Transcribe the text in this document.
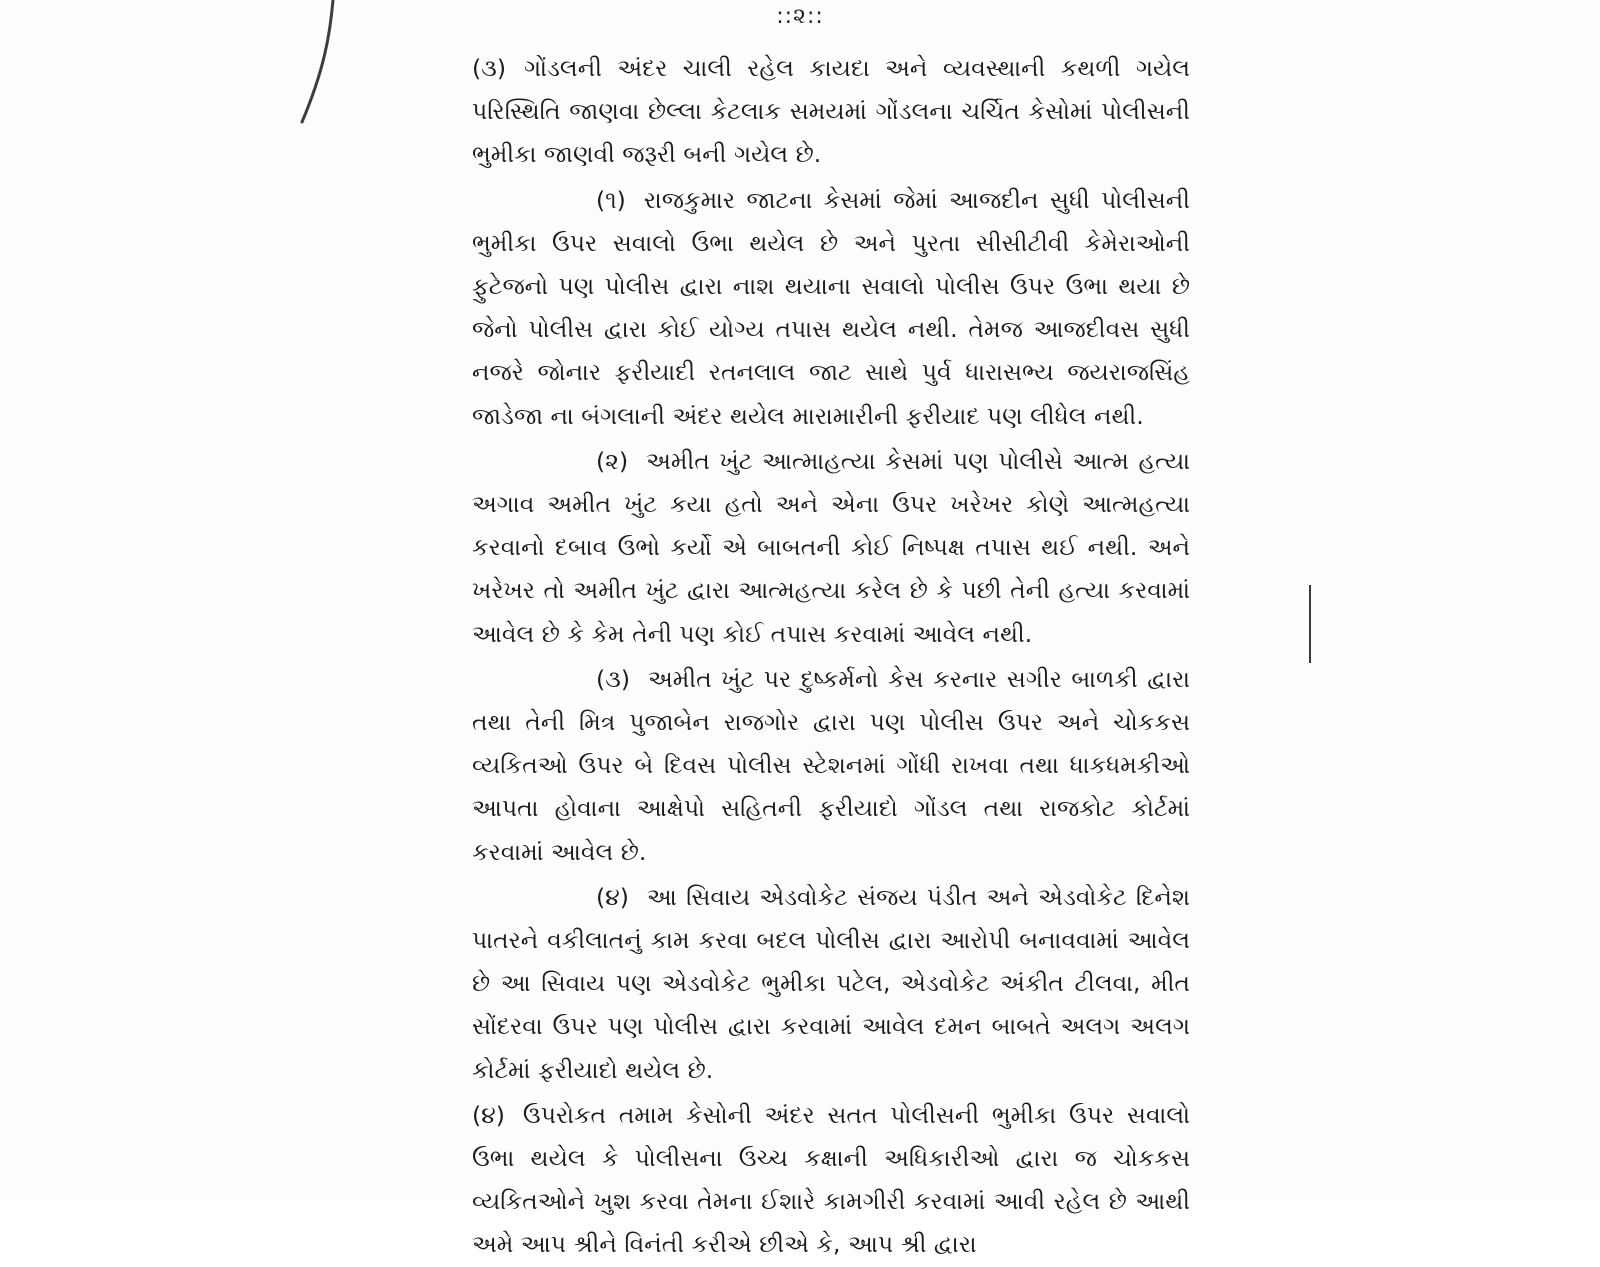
::૨::

(૩) ગોંડલની અંદર ચાલી રહેલ કાયદા અને વ્યવસ્થાની કથળી ગયેલ પરિસ્થિતિ જાણવા છેલ્લા કેટલાક સમયમાં ગોંડલના ચર્ચિત કેસોમાં પોલીસની ભુમીકા જાણવી જરૂરી બની ગયેલ છે.

(૧) રાજકુમાર જાટના કેસમાં જેમાં આજદીન સુધી પોલીસની ભુમીકા ઉપર સવાલો ઉભા થયેલ છે અને પુરતા સીસીટીવી કેમેરાઓની ફુટેજનો પણ પોલીસ દ્વારા નાશ થયાના સવાલો પોલીસ ઉપર ઉભા થયા છે જેનો પોલીસ દ્વારા કોઈ યોગ્ય તપાસ થયેલ નથી. તેમજ આજદીવસ સુધી નજરે જોનાર ફરીયાદી રતનલાલ જાટ સાથે પુર્વ ધારાસભ્ય જયરાજસિંહ જાડેજા ના બંગલાની અંદર થયેલ મારામારીની ફરીયાદ પણ લીધેલ નથી.

(૨) અમીત ખુંટ આત્માહત્યા કેસમાં પણ પોલીસે આત્મ હત્યા અગાવ અમીત ખુંટ કયા હતો અને એના ઉપર ખરેખર કોણે આત્મહત્યા કરવાનો દબાવ ઉભો કર્યો એ બાબતની કોઈ નિષ્પક્ષ તપાસ થઈ નથી. અને ખરેખર તો અમીત ખુંટ દ્વારા આત્મહત્યા કરેલ છે કે પછી તેની હત્યા કરવામાં આવેલ છે કે કેમ તેની પણ કોઈ તપાસ કરવામાં આવેલ નથી.

(૩) અમીત ખુંટ પર દુષ્કર્મનો કેસ કરનાર સગીર બાળકી દ્વારા તથા તેની મિત્ર પુજાબેન રાજગોર દ્વારા પણ પોલીસ ઉપર અને ચોકકસ વ્યકિતઓ ઉપર બે દિવસ પોલીસ સ્ટેશનમાં ગોંધી રાખવા તથા ધાકધમકીઓ આપતા હોવાના આક્ષેપો સહિતની ફરીયાદો ગોંડલ તથા રાજકોટ કોર્ટમાં કરવામાં આવેલ છે.

(૪) આ સિવાય એડવોકેટ સંજય પંડીત અને એડવોકેટ દિનેશ પાતરને વકીલાતનું કામ કરવા બદલ પોલીસ દ્વારા આરોપી બનાવવામાં આવેલ છે આ સિવાય પણ એડવોકેટ ભુમીકા પટેલ, એડવોકેટ અંકીત ટીલવા, મીત સોંદરવા ઉપર પણ પોલીસ દ્વારા કરવામાં આવેલ દમન બાબતે અલગ અલગ કોર્ટમાં ફરીયાદો થયેલ છે.

(૪) ઉપરોકત તમામ કેસોની અંદર સતત પોલીસની ભુમીકા ઉપર સવાલો ઉભા થયેલ કે પોલીસના ઉચ્ચ કક્ષાની અધિકારીઓ દ્વારા જ ચોકકસ વ્યકિતઓને ખુશ કરવા તેમના ઈશારે કામગીરી કરવામાં આવી રહેલ છે આથી અમે આપ શ્રીને વિનંતી કરીએ છીએ કે, આપ શ્રી દ્વારા
